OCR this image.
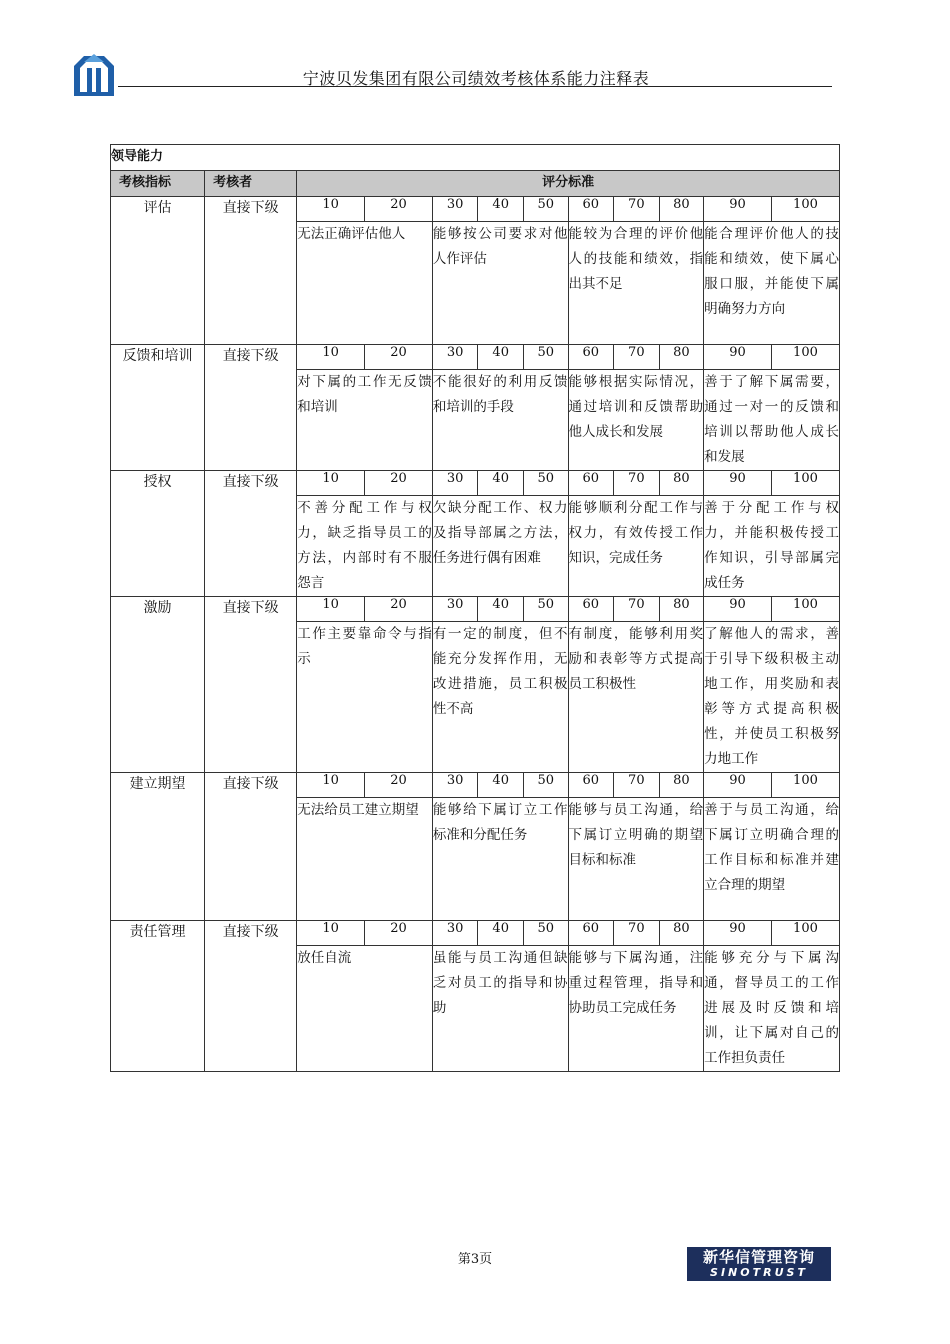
宁波贝发集团有限公司绩效考核体系能力注释表
领导能力											
考核指标	考核者	评分标准									
评估	直接下级	10	20	30	40	50	60	70	80	90	100
		无法正确评估他人		能够按公司要求对他人作评估			能较为合理的评价他人的技能和绩效，指出其不足			能合理评价他人的技能和绩效，使下属心服口服，并能使下属明确努力方向	
反馈和培训	直接下级	10	20	30	40	50	60	70	80	90	100
		对下属的工作无反馈和培训		不能很好的利用反馈和培训的手段			能够根据实际情况，通过培训和反馈帮助他人成长和发展			善于了解下属需要，通过一对一的反馈和培训以帮助他人成长和发展	
授权	直接下级	10	20	30	40	50	60	70	80	90	100
		不善分配工作与权力，缺乏指导员工的方法，内部时有不服怨言		欠缺分配工作、权力及指导部属之方法，任务进行偶有困难			能够顺利分配工作与权力，有效传授工作知识，完成任务			善于分配工作与权力，并能积极传授工作知识，引导部属完成任务	
激励	直接下级	10	20	30	40	50	60	70	80	90	100
		工作主要靠命令与指示		有一定的制度，但不能充分发挥作用，无改进措施，员工积极性不高			有制度，能够利用奖励和表彰等方式提高员工积极性			了解他人的需求，善于引导下级积极主动地工作，用奖励和表彰等方式提高积极性，并使员工积极努力地工作	
建立期望	直接下级	10	20	30	40	50	60	70	80	90	100
		无法给员工建立期望		能够给下属订立工作标准和分配任务			能够与员工沟通，给下属订立明确的期望目标和标准			善于与员工沟通，给下属订立明确合理的工作目标和标准并建立合理的期望	
责任管理	直接下级	10	20	30	40	50	60	70	80	90	100
		放任自流		虽能与员工沟通但缺乏对员工的指导和协助			能够与下属沟通，注重过程管理，指导和协助员工完成任务			能够充分与下属沟通，督导员工的工作进展及时反馈和培训，让下属对自己的工作担负责任	
第3页	新华信管理咨询
SINOTRUST
